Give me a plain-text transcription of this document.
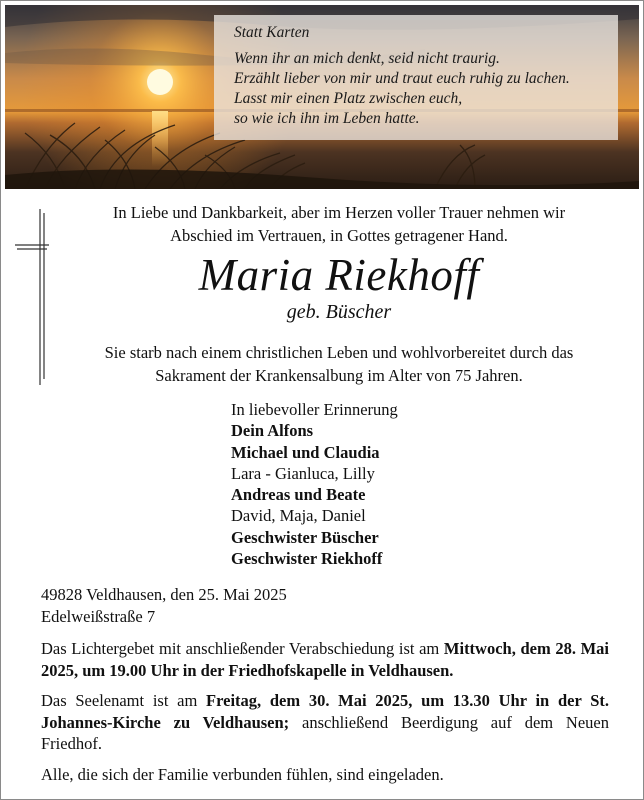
Statt Karten
Wenn ihr an mich denkt, seid nicht traurig.
Erzählt lieber von mir und traut euch ruhig zu lachen.
Lasst mir einen Platz zwischen euch,
so wie ich ihn im Leben hatte.
In Liebe und Dankbarkeit, aber im Herzen voller Trauer nehmen wir
Abschied im Vertrauen, in Gottes getragener Hand.
Maria Riekhoff
geb. Büscher
Sie starb nach einem christlichen Leben und wohlvorbereitet durch das
Sakrament der Krankensalbung im Alter von 75 Jahren.
In liebevoller Erinnerung
Dein Alfons
Michael und Claudia
Lara - Gianluca, Lilly
Andreas und Beate
David, Maja, Daniel
Geschwister Büscher
Geschwister Riekhoff
49828 Veldhausen, den 25. Mai 2025
Edelweißstraße 7
Das Lichtergebet mit anschließender Verabschiedung ist am Mittwoch, dem 28. Mai 2025, um 19.00 Uhr in der Friedhofskapelle in Veldhausen.
Das Seelenamt ist am Freitag, dem 30. Mai 2025, um 13.30 Uhr in der St. Johannes-Kirche zu Veldhausen; anschließend Beerdigung auf dem Neuen Friedhof.
Alle, die sich der Familie verbunden fühlen, sind eingeladen.
